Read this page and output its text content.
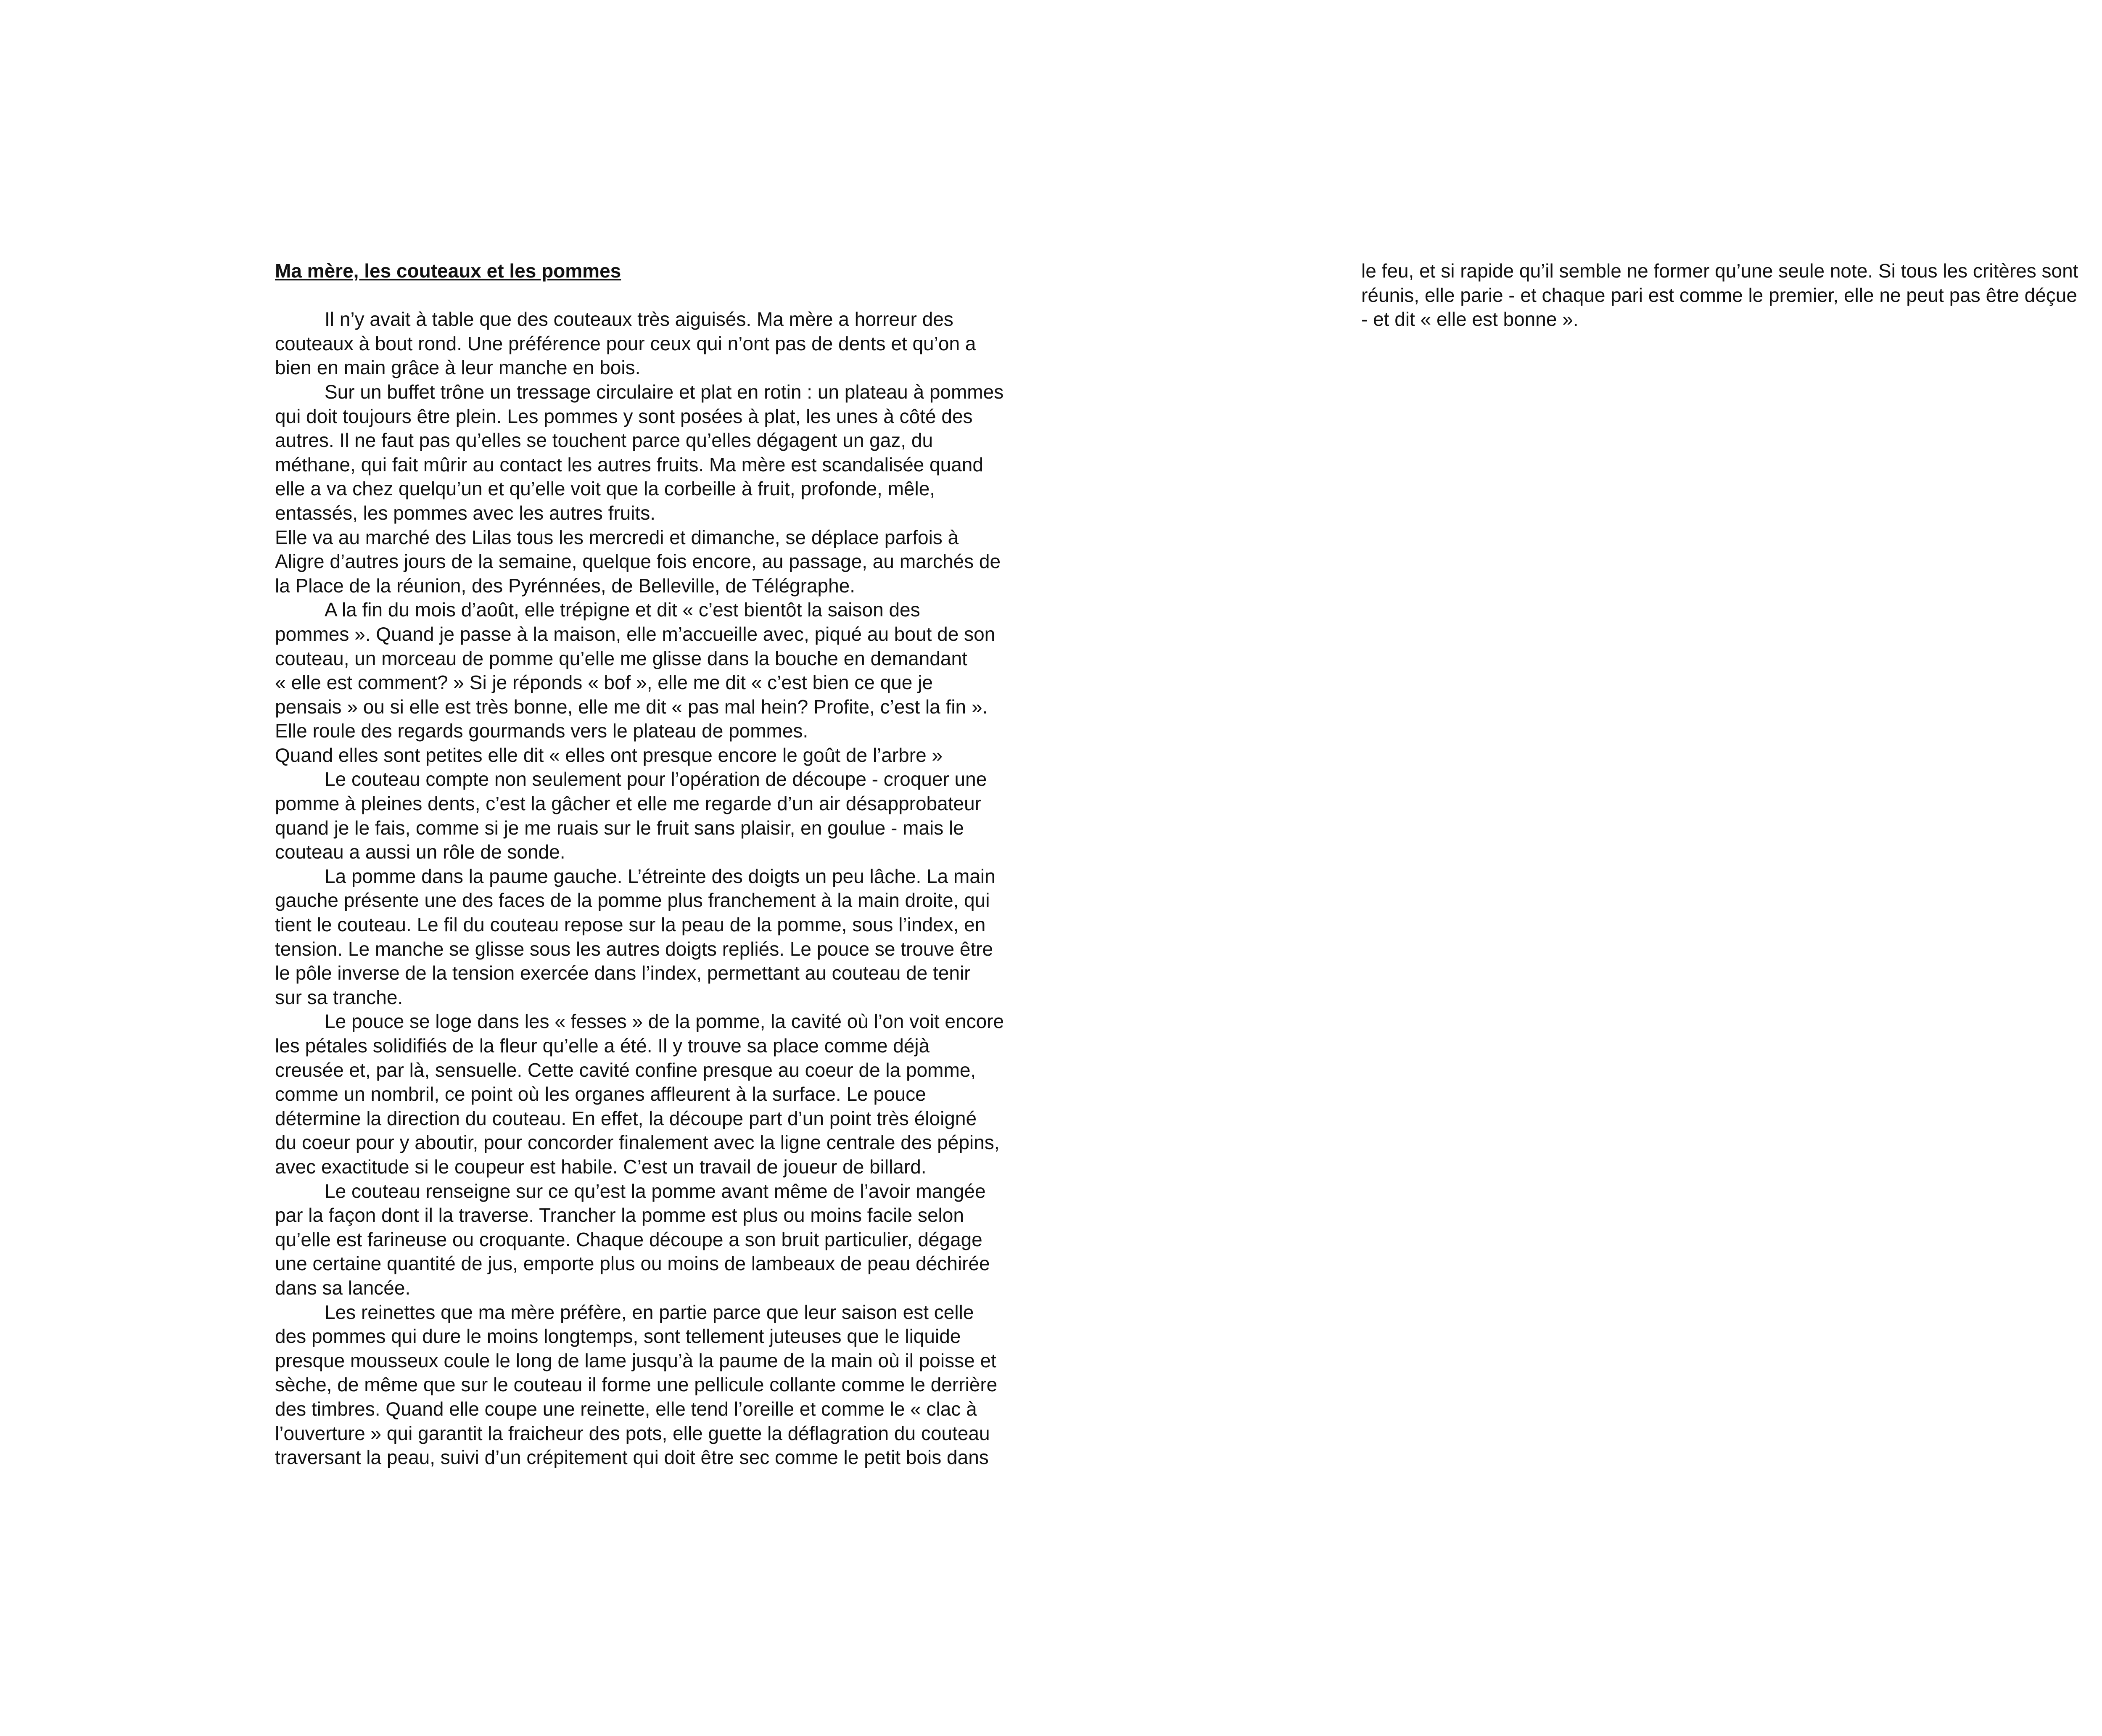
Ma mère, les couteaux et les pommes
Il n’y avait à table que des couteaux très aiguisés. Ma mère a horreur des
couteaux à bout rond. Une préférence pour ceux qui n’ont pas de dents et qu’on a
bien en main grâce à leur manche en bois.
Sur un buffet trône un tressage circulaire et plat en rotin : un plateau à pommes
qui doit toujours être plein. Les pommes y sont posées à plat, les unes à côté des
autres. Il ne faut pas qu’elles se touchent parce qu’elles dégagent un gaz, du
méthane, qui fait mûrir au contact les autres fruits. Ma mère est scandalisée quand
elle a va chez quelqu’un et qu’elle voit que la corbeille à fruit, profonde, mêle,
entassés, les pommes avec les autres fruits.
Elle va au marché des Lilas tous les mercredi et dimanche, se déplace parfois à
Aligre d’autres jours de la semaine, quelque fois encore, au passage, au marchés de
la Place de la réunion, des Pyrénnées, de Belleville, de Télégraphe.
A la fin du mois d’août, elle trépigne et dit « c’est bientôt la saison des
pommes ». Quand je passe à la maison, elle m’accueille avec, piqué au bout de son
couteau, un morceau de pomme qu’elle me glisse dans la bouche en demandant
« elle est comment? » Si je réponds « bof », elle me dit « c’est bien ce que je
pensais » ou si elle est très bonne, elle me dit « pas mal hein? Profite, c’est la fin ».
Elle roule des regards gourmands vers le plateau de pommes.
Quand elles sont petites elle dit « elles ont presque encore le goût de l’arbre »
Le couteau compte non seulement pour l’opération de découpe - croquer une
pomme à pleines dents, c’est la gâcher et elle me regarde d’un air désapprobateur
quand je le fais, comme si je me ruais sur le fruit sans plaisir, en goulue - mais le
couteau a aussi un rôle de sonde.
La pomme dans la paume gauche. L’étreinte des doigts un peu lâche. La main
gauche présente une des faces de la pomme plus franchement à la main droite, qui
tient le couteau. Le fil du couteau repose sur la peau de la pomme, sous l’index, en
tension. Le manche se glisse sous les autres doigts repliés. Le pouce se trouve être
le pôle inverse de la tension exercée dans l’index, permettant au couteau de tenir
sur sa tranche.
Le pouce se loge dans les « fesses » de la pomme, la cavité où l’on voit encore
les pétales solidifiés de la fleur qu’elle a été. Il y trouve sa place comme déjà
creusée et, par là, sensuelle. Cette cavité confine presque au coeur de la pomme,
comme un nombril, ce point où les organes affleurent à la surface. Le pouce
détermine la direction du couteau. En effet, la découpe part d’un point très éloigné
du coeur pour y aboutir, pour concorder finalement avec la ligne centrale des pépins,
avec exactitude si le coupeur est habile. C’est un travail de joueur de billard.
Le couteau renseigne sur ce qu’est la pomme avant même de l’avoir mangée
par la façon dont il la traverse. Trancher la pomme est plus ou moins facile selon
qu’elle est farineuse ou croquante. Chaque découpe a son bruit particulier, dégage
une certaine quantité de jus, emporte plus ou moins de lambeaux de peau déchirée
dans sa lancée.
Les reinettes que ma mère préfère, en partie parce que leur saison est celle
des pommes qui dure le moins longtemps, sont tellement juteuses que le liquide
presque mousseux coule le long de lame jusqu’à la paume de la main où il poisse et
sèche, de même que sur le couteau il forme une pellicule collante comme le derrière
des timbres. Quand elle coupe une reinette, elle tend l’oreille et comme le « clac à
l’ouverture » qui garantit la fraicheur des pots, elle guette la déflagration du couteau
traversant la peau, suivi d’un crépitement qui doit être sec comme le petit bois dans
le feu, et si rapide qu’il semble ne former qu’une seule note. Si tous les critères sont
réunis, elle parie - et chaque pari est comme le premier, elle ne peut pas être déçue
- et dit « elle est bonne ».
